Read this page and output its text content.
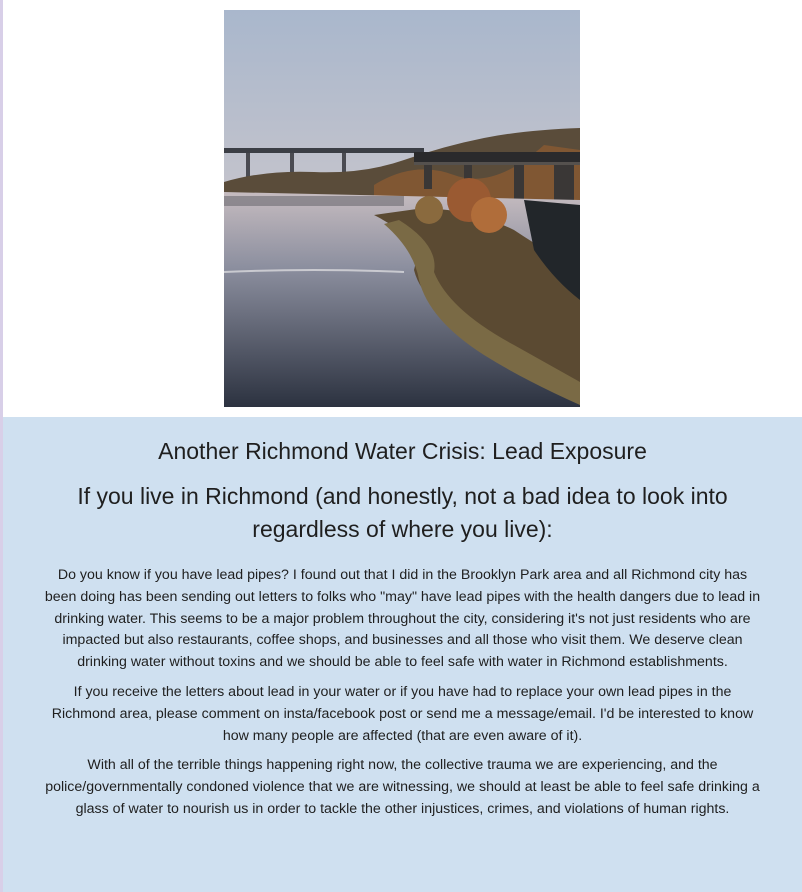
Another Richmond Water Crisis: Lead Exposure
If you live in Richmond (and honestly, not a bad idea to look into regardless of where you live):

Do you know if you have lead pipes? I found out that I did in the Brooklyn Park area and all Richmond city has been doing has been sending out letters to folks who "may" have lead pipes with the health dangers due to lead in drinking water. This seems to be a major problem throughout the city, considering it's not just residents who are impacted but also restaurants, coffee shops, and businesses and all those who visit them. We deserve clean drinking water without toxins and we should be able to feel safe with water in Richmond establishments.

If you receive the letters about lead in your water or if you have had to replace your own lead pipes in the Richmond area, please comment on insta/facebook post or send me a message/email. I'd be interested to know how many people are affected (that are even aware of it).

With all of the terrible things happening right now, the collective trauma we are experiencing, and the police/governmentally condoned violence that we are witnessing, we should at least be able to feel safe drinking a glass of water to nourish us in order to tackle the other injustices, crimes, and violations of human rights.
